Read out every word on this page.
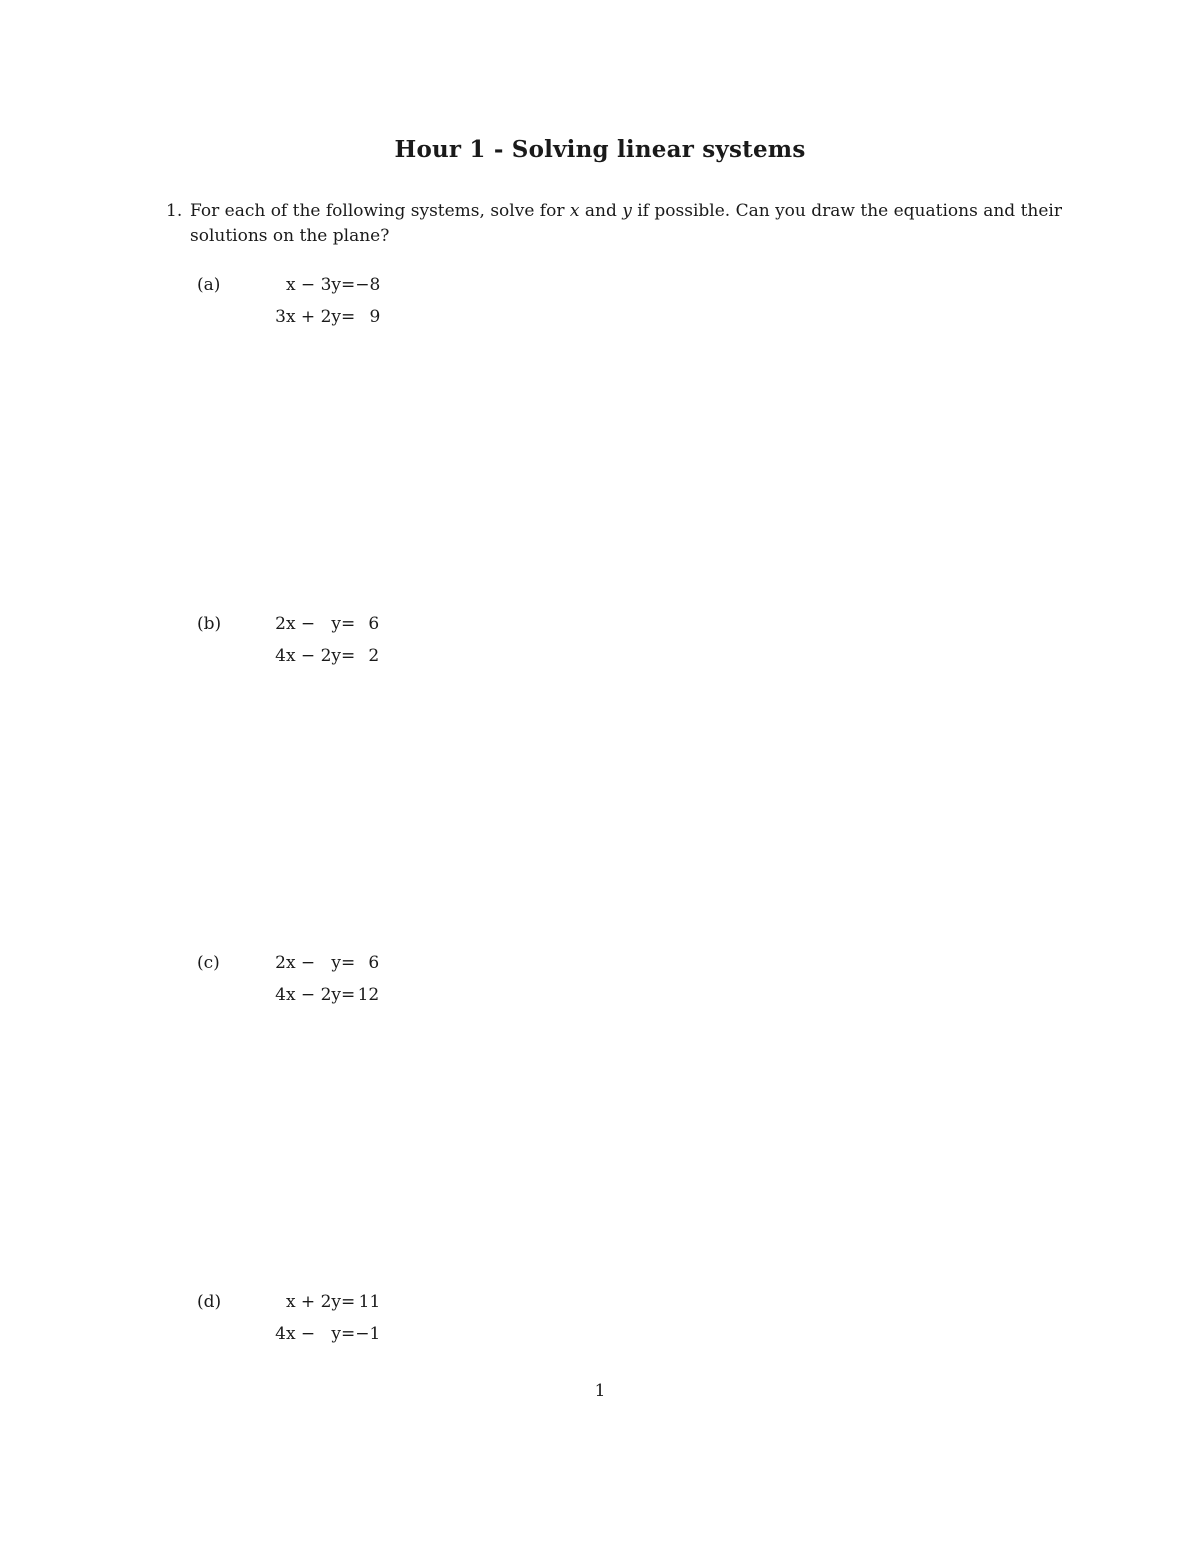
Hour 1 - Solving linear systems
1. For each of the following systems, solve for x and y if possible. Can you draw the equations and their solutions on the plane?
(a)	x − 3y	=	−8
3x + 2y	=	9
(b)	2x −   y	=	6
4x − 2y	=	2
(c)	2x −   y	=	6
4x − 2y	=	12
(d)	x + 2y	=	11
4x −   y	=	−1
1
